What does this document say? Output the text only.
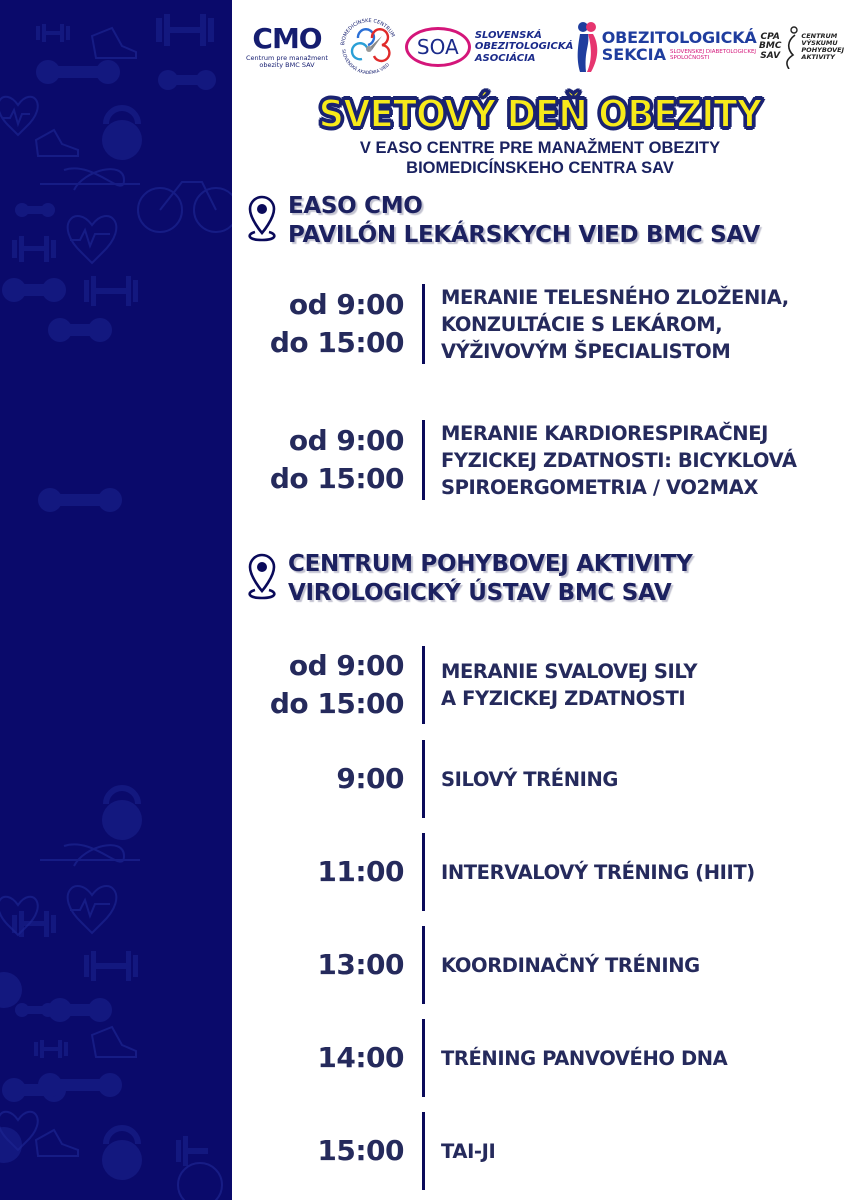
CMO
Centrum pre manažment
obezity BMC SAV
BIOMEDICÍNSKE CENTRUM
SLOVENSKÁ AKADÉMIA VIED
SOA	SLOVENSKÁ
OBEZITOLOGICKÁ
ASOCIÁCIA
OBEZITOLOGICKÁ
SEKCIA SLOVENSKEJ DIABETOLOGICKEJ
SPOLOČNOSTI
CPA
BMC
SAV
CENTRUM
VÝSKUMU
POHYBOVEJ
AKTIVITY
SVETOVÝ DEŇ OBEZITY
V EASO CENTRE PRE MANAŽMENT OBEZITY
BIOMEDICÍNSKEHO CENTRA SAV
EASO CMO
PAVILÓN LEKÁRSKYCH VIED BMC SAV
CENTRUM POHYBOVEJ AKTIVITY
VIROLOGICKÝ ÚSTAV BMC SAV
od 9:00
do 15:00
MERANIE TELESNÉHO ZLOŽENIA,
KONZULTÁCIE S LEKÁROM,
VÝŽIVOVÝM ŠPECIALISTOM
od 9:00
do 15:00
MERANIE KARDIORESPIRAČNEJ
FYZICKEJ ZDATNOSTI: BICYKLOVÁ
SPIROERGOMETRIA / VO2MAX
od 9:00
do 15:00
MERANIE SVALOVEJ SILY
A FYZICKEJ ZDATNOSTI
9:00 SILOVÝ TRÉNING
11:00 INTERVALOVÝ TRÉNING (HIIT)
13:00 KOORDINAČNÝ TRÉNING
14:00 TRÉNING PANVOVÉHO DNA
15:00 TAI-JI
